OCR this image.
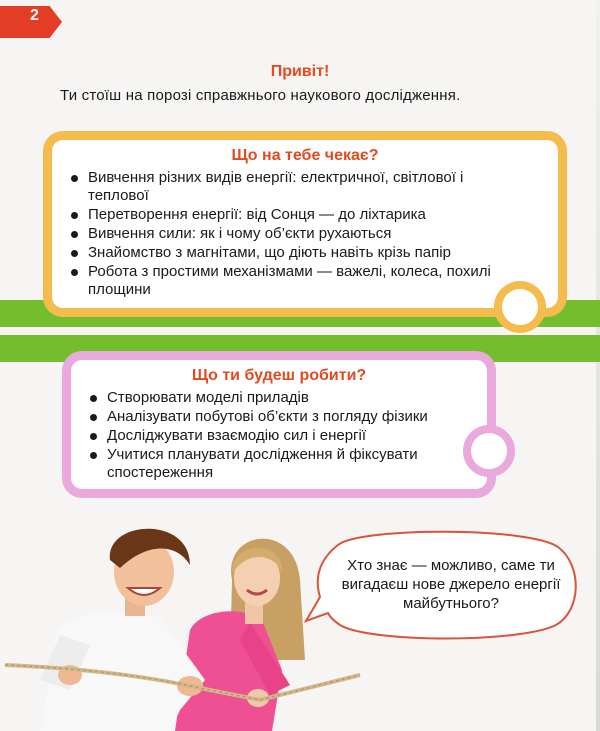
2
Привіт!
Ти стоїш на порозі справжнього наукового дослідження.
Що на тебе чекає?
Вивчення різних видів енергії: електричної, світлової і теплової
Перетворення енергії: від Сонця — до ліхтарика
Вивчення сили: як і чому об’єкти рухаються
Знайомство з магнітами, що діють навіть крізь папір
Робота з простими механізмами — важелі, колеса, похилі площини
Що ти будеш робити?
Створювати моделі приладів
Аналізувати побутові об’єкти з погляду фізики
Досліджувати взаємодію сил і енергії
Учитися планувати дослідження й фіксувати спостереження
Хто знає — можливо, саме ти вигадаєш нове джерело енергії майбутнього?
